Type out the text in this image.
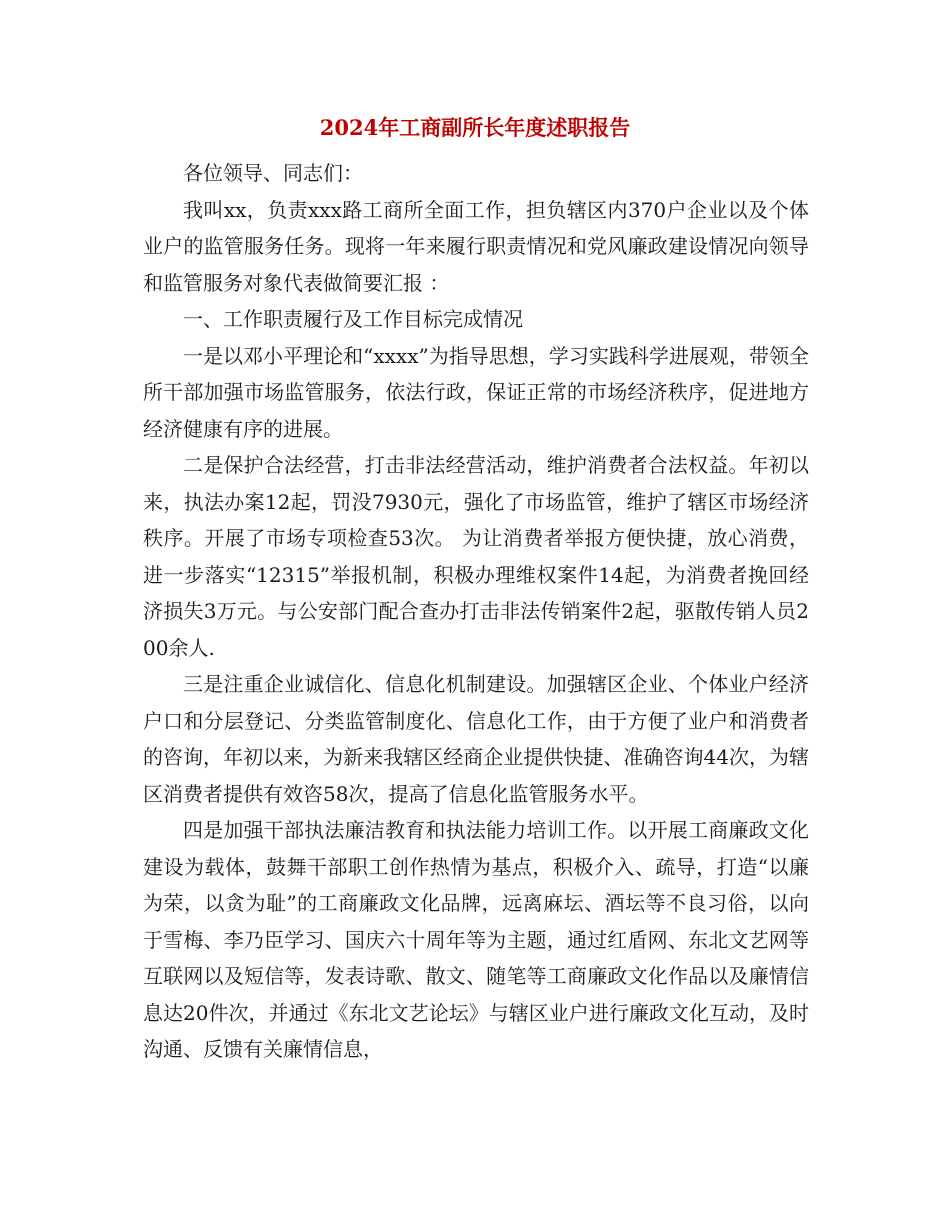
2024年工商副所长年度述职报告

各位领导、同志们：

我叫xx，负责xxx路工商所全面工作，担负辖区内370户企业以及个体业户的监管服务任务。现将一年来履行职责情况和党风廉政建设情况向领导和监管服务对象代表做简要汇报 ：

一、工作职责履行及工作目标完成情况

一是以邓小平理论和“xxxx”为指导思想，学习实践科学进展观，带领全所干部加强市场监管服务，依法行政，保证正常的市场经济秩序，促进地方经济健康有序的进展。

二是保护合法经营，打击非法经营活动，维护消费者合法权益。年初以来，执法办案12起，罚没7930元，强化了市场监管，维护了辖区市场经济秩序。开展了市场专项检查53次。 为让消费者举报方便快捷，放心消费，进一步落实“12315”举报机制，积极办理维权案件14起，为消费者挽回经济损失3万元。与公安部门配合查办打击非法传销案件2起，驱散传销人员200余人.

三是注重企业诚信化、信息化机制建设。加强辖区企业、个体业户经济户口和分层登记、分类监管制度化、信息化工作，由于方便了业户和消费者的咨询，年初以来，为新来我辖区经商企业提供快捷、准确咨询44次，为辖区消费者提供有效咨58次，提高了信息化监管服务水平。

四是加强干部执法廉洁教育和执法能力培训工作。以开展工商廉政文化建设为载体，鼓舞干部职工创作热情为基点，积极介入、疏导，打造“以廉为荣，以贪为耻”的工商廉政文化品牌，远离麻坛、酒坛等不良习俗，以向于雪梅、李乃臣学习、国庆六十周年等为主题，通过红盾网、东北文艺网等互联网以及短信等，发表诗歌、散文、随笔等工商廉政文化作品以及廉情信息达20件次，并通过《东北文艺论坛》与辖区业户进行廉政文化互动，及时沟通、反馈有关廉情信息，
